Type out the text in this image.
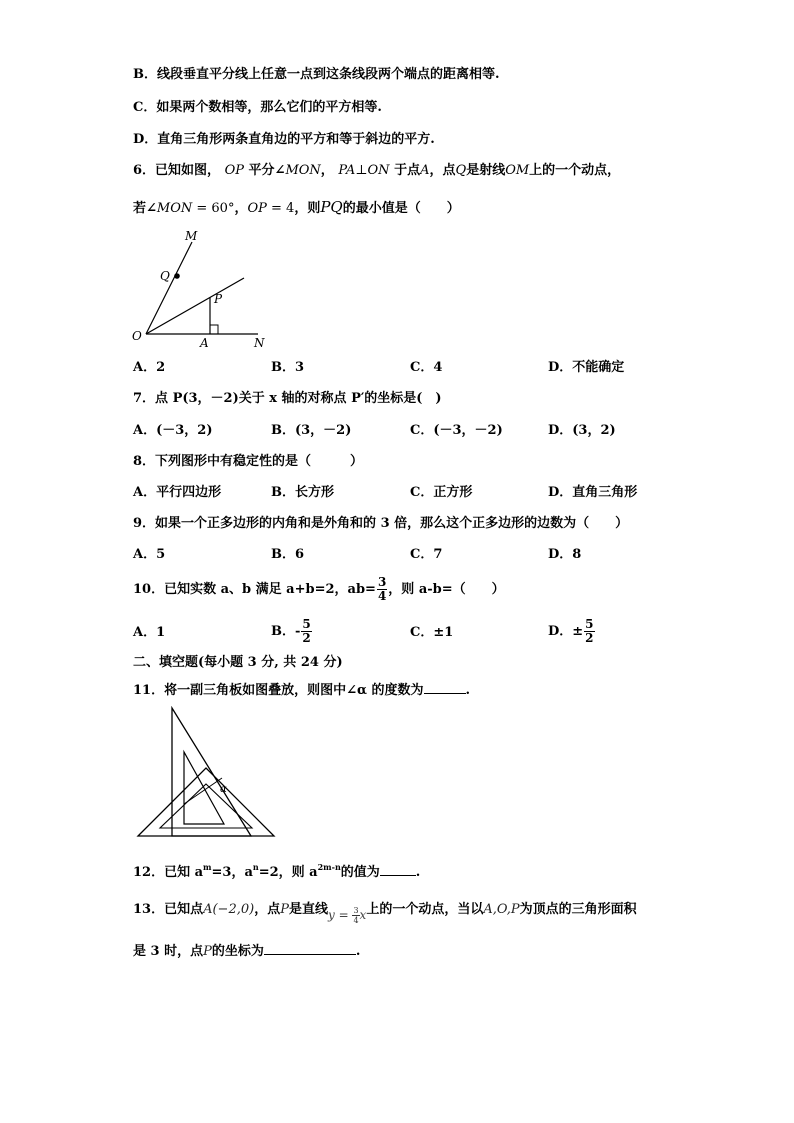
B．线段垂直平分线上任意一点到这条线段两个端点的距离相等.
C．如果两个数相等，那么它们的平方相等.
D．直角三角形两条直角边的平方和等于斜边的平方.
6．已知如图， OP 平分∠MON， PA⊥ON 于点A，点Q是射线OM上的一个动点，
若∠MON = 60°，OP = 4，则PQ的最小值是（　　）
M
Q
P
O	A	N
A．2	B．3	C．4	D．不能确定
7．点 P(3，－2)关于 x 轴的对称点 P′的坐标是(　)
A．(－3，2)	B．(3，－2)	C．(－3，－2)	D．(3，2)
8．下列图形中有稳定性的是（　　　）
A．平行四边形	B．长方形	C．正方形	D．直角三角形
9．如果一个正多边形的内角和是外角和的 3 倍，那么这个正多边形的边数为（　　）
A．5	B．6	C．7	D．8
10．已知实数 a、b 满足 a+b=2，$ab= \frac{3}{4}$ ，则 a-b=（　　）
A．1	B．- $\frac{5}{2}$	C．±1	D．± $\frac{5}{2}$
二、填空题(每小题 3 分, 共 24 分)
11．将一副三角板如图叠放，则图中∠α 的度数为	.
α
12．已知 $a^m=3$，$a^n=2$，则 $a^{2m-n}$的值为	.
13．已知点A(−2,0)，点P是直线$y = \frac{3}{4}$ x上的一个动点，当以A,O,P为顶点的三角形面积
是 3 时，点P的坐标为	.
